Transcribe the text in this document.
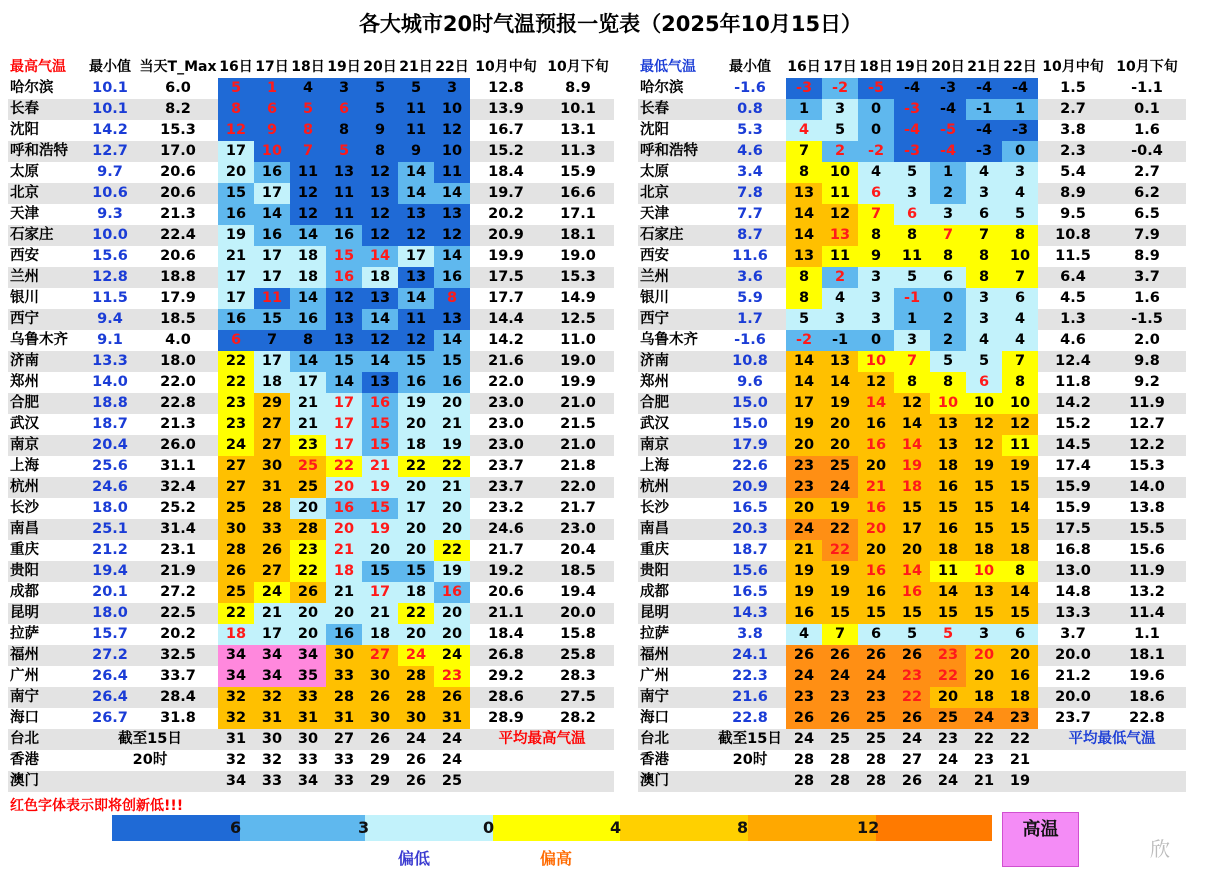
各大城市20时气温预报一览表（2025年10月15日）
最高气温	最小值	当天T_Max	16日	17日	18日	19日	20日	21日	22日	10月中旬	10月下旬
哈尔滨	10.1	6.0	5	1	4	3	5	5	3	12.8	8.9
长春	10.1	8.2	8	6	5	6	5	11	10	13.9	10.1
沈阳	14.2	15.3	12	9	8	8	9	11	12	16.7	13.1
呼和浩特	12.7	17.0	17	10	7	5	8	9	10	15.2	11.3
太原	9.7	20.6	20	16	11	13	12	14	11	18.4	15.9
北京	10.6	20.6	15	17	12	11	13	14	14	19.7	16.6
天津	9.3	21.3	16	14	12	11	12	13	13	20.2	17.1
石家庄	10.0	22.4	19	16	14	16	12	12	12	20.9	18.1
西安	15.6	20.6	21	17	18	15	14	17	14	19.9	19.0
兰州	12.8	18.8	17	17	18	16	18	13	16	17.5	15.3
银川	11.5	17.9	17	11	14	12	13	14	8	17.7	14.9
西宁	9.4	18.5	16	15	16	13	14	11	13	14.4	12.5
乌鲁木齐	9.1	4.0	6	7	8	13	12	12	14	14.2	11.0
济南	13.3	18.0	22	17	14	15	14	15	15	21.6	19.0
郑州	14.0	22.0	22	18	17	14	13	16	16	22.0	19.9
合肥	18.8	22.8	23	29	21	17	16	19	20	23.0	21.0
武汉	18.7	21.3	23	27	21	17	15	20	21	23.0	21.5
南京	20.4	26.0	24	27	23	17	15	18	19	23.0	21.0
上海	25.6	31.1	27	30	25	22	21	22	22	23.7	21.8
杭州	24.6	32.4	27	31	25	20	19	20	21	23.7	22.0
长沙	18.0	25.2	25	28	20	16	15	17	20	23.2	21.7
南昌	25.1	31.4	30	33	28	20	19	20	20	24.6	23.0
重庆	21.2	23.1	28	26	23	21	20	20	22	21.7	20.4
贵阳	19.4	21.9	26	27	22	18	15	15	19	19.2	18.5
成都	20.1	27.2	25	24	26	21	17	18	16	20.6	19.4
昆明	18.0	22.5	22	21	20	20	21	22	20	21.1	20.0
拉萨	15.7	20.2	18	17	20	16	18	20	20	18.4	15.8
福州	27.2	32.5	34	34	34	30	27	24	24	26.8	25.8
广州	26.4	33.7	34	34	35	33	30	28	23	29.2	28.3
南宁	26.4	28.4	32	32	33	28	26	28	26	28.6	27.5
海口	26.7	31.8	32	31	31	31	30	30	31	28.9	28.2
台北	截至15日		31	30	30	27	26	24	24	平均最高气温	
香港	20时		32	32	33	33	29	26	24		
澳门			34	33	34	33	29	26	25		
最低气温	最小值	16日	17日	18日	19日	20日	21日	22日	10月中旬	10月下旬
哈尔滨	-1.6	-3	-2	-5	-4	-3	-4	-4	1.5	-1.1
长春	0.8	1	3	0	-3	-4	-1	1	2.7	0.1
沈阳	5.3	4	5	0	-4	-5	-4	-3	3.8	1.6
呼和浩特	4.6	7	2	-2	-3	-4	-3	0	2.3	-0.4
太原	3.4	8	10	4	5	1	4	3	5.4	2.7
北京	7.8	13	11	6	3	2	3	4	8.9	6.2
天津	7.7	14	12	7	6	3	6	5	9.5	6.5
石家庄	8.7	14	13	8	8	7	7	8	10.8	7.9
西安	11.6	13	11	9	11	8	8	10	11.5	8.9
兰州	3.6	8	2	3	5	6	8	7	6.4	3.7
银川	5.9	8	4	3	-1	0	3	6	4.5	1.6
西宁	1.7	5	3	3	1	2	3	4	1.3	-1.5
乌鲁木齐	-1.6	-2	-1	0	3	2	4	4	4.6	2.0
济南	10.8	14	13	10	7	5	5	7	12.4	9.8
郑州	9.6	14	14	12	8	8	6	8	11.8	9.2
合肥	15.0	17	19	14	12	10	10	10	14.2	11.9
武汉	15.0	19	20	16	14	13	12	12	15.2	12.7
南京	17.9	20	20	16	14	13	12	11	14.5	12.2
上海	22.6	23	25	20	19	18	19	19	17.4	15.3
杭州	20.9	23	24	21	18	16	15	15	15.9	14.0
长沙	16.5	20	19	16	15	15	15	14	15.9	13.8
南昌	20.3	24	22	20	17	16	15	15	17.5	15.5
重庆	18.7	21	22	20	20	18	18	18	16.8	15.6
贵阳	15.6	19	19	16	14	11	10	8	13.0	11.9
成都	16.5	19	19	16	16	14	13	14	14.8	13.2
昆明	14.3	16	15	15	15	15	15	15	13.3	11.4
拉萨	3.8	4	7	6	5	5	3	6	3.7	1.1
福州	24.1	26	26	26	26	23	20	20	20.0	18.1
广州	22.3	24	24	24	23	22	20	16	21.2	19.6
南宁	21.6	23	23	23	22	20	18	18	20.0	18.6
海口	22.8	26	26	25	26	25	24	23	23.7	22.8
台北	截至15日	24	25	25	24	23	22	22	平均最低气温	
香港	20时	28	28	28	27	24	23	21		
澳门		28	28	28	26	24	21	19		
红色字体表示即将创新低!!!
6	3	0	4	8	12	高温
偏低	偏高	欣
